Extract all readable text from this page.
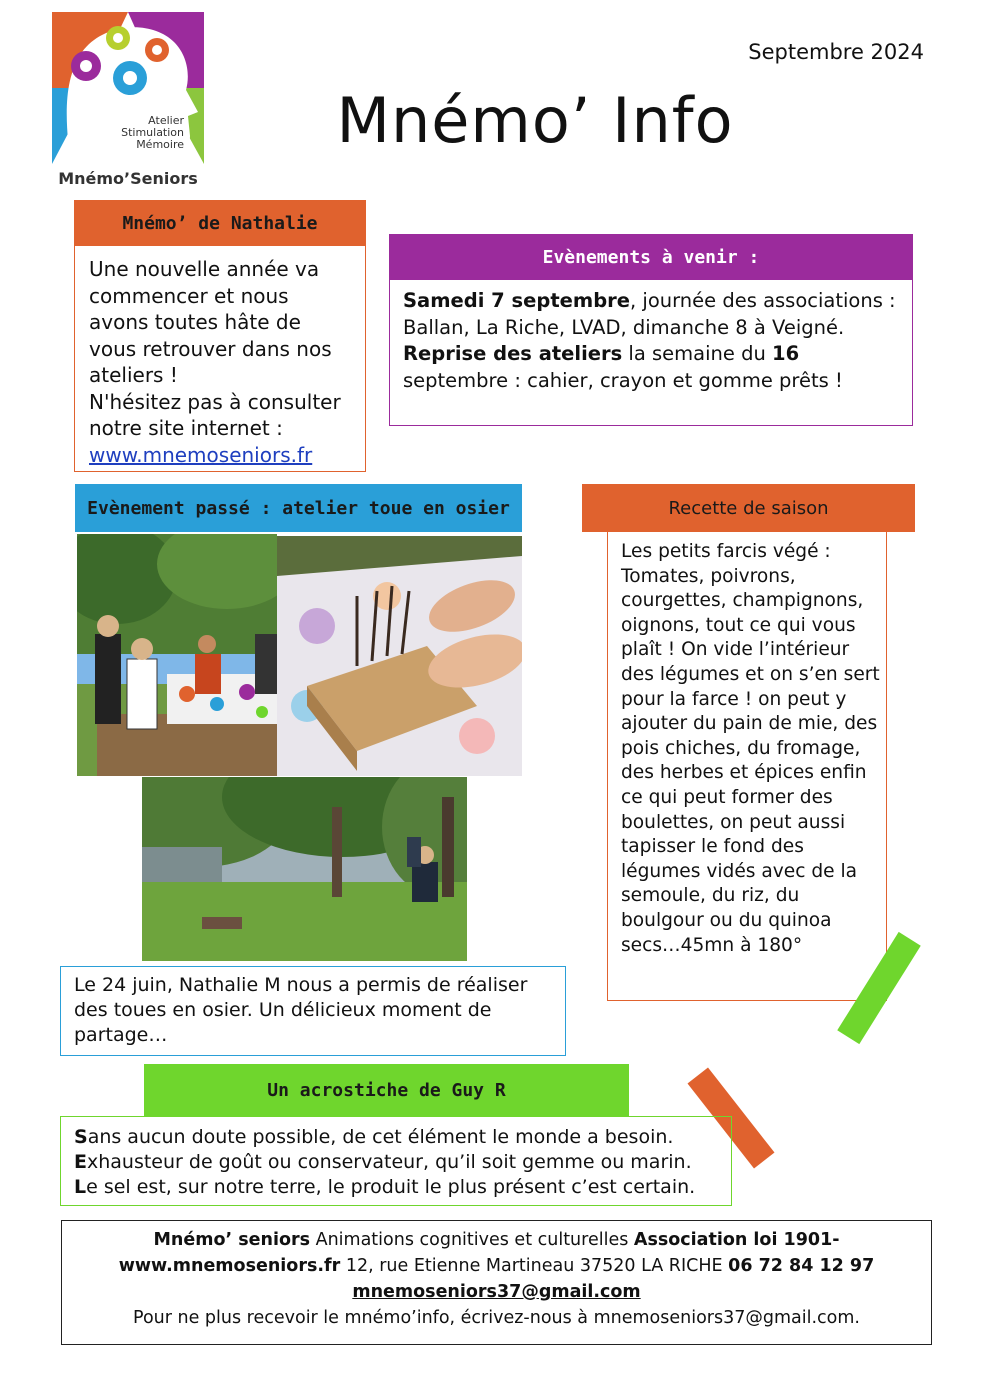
Atelier
Stimulation
Mémoire
Mnémo’Seniors
Septembre 2024
Mnémo’ Info
Mnémo’ de Nathalie
Une nouvelle année va
commencer et nous
avons toutes hâte de
vous retrouver dans nos
ateliers !
N'hésitez pas à consulter
notre site internet :
www.mnemoseniors.fr
Evènements à venir :
Samedi 7 septembre, journée des associations : Ballan, La Riche, LVAD, dimanche 8 à Veigné.
Reprise des ateliers la semaine du 16 septembre : cahier, crayon et gomme prêts !
Evènement passé : atelier toue en osier
Le 24 juin, Nathalie M nous a permis de réaliser des toues en osier. Un délicieux moment de partage…
Recette de saison
Les petits farcis végé : Tomates, poivrons, courgettes, champignons, oignons, tout ce qui vous plaît ! On vide l’intérieur des légumes et on s’en sert pour la farce ! on peut y ajouter du pain de mie, des pois chiches, du fromage, des herbes et épices enfin ce qui peut former des boulettes, on peut aussi tapisser le fond des légumes vidés avec de la semoule, du riz, du boulgour ou du quinoa secs…45mn à 180°
Un acrostiche de Guy R
Sans aucun doute possible, de cet élément le monde a besoin.
Exhausteur de goût ou conservateur, qu’il soit gemme ou marin.
Le sel est, sur notre terre, le produit le plus présent c’est certain.
Mnémo’ seniors Animations cognitives et culturelles Association loi 1901-
www.mnemoseniors.fr 12, rue Etienne Martineau 37520 LA RICHE 06 72 84 12 97
mnemoseniors37@gmail.com
Pour ne plus recevoir le mnémo’info, écrivez-nous à mnemoseniors37@gmail.com.
